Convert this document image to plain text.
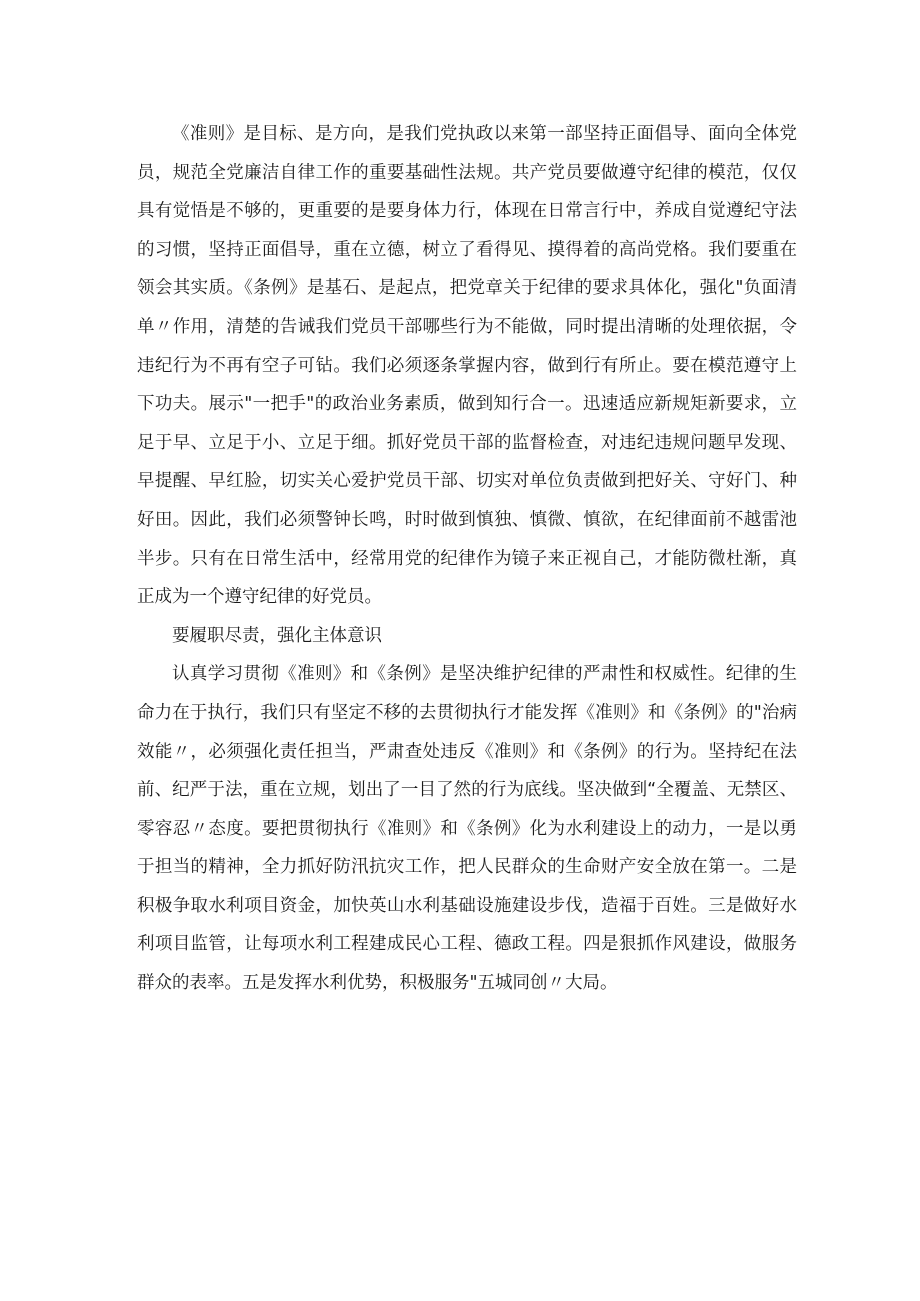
《准则》是目标、是方向，是我们党执政以来第一部坚持正面倡导、面向全体党员，规范全党廉洁自律工作的重要基础性法规。共产党员要做遵守纪律的模范，仅仅具有觉悟是不够的，更重要的是要身体力行，体现在日常言行中，养成自觉遵纪守法的习惯，坚持正面倡导，重在立德，树立了看得见、摸得着的高尚党格。我们要重在领会其实质。《条例》是基石、是起点，把党章关于纪律的要求具体化，强化"负面清单〃作用，清楚的告诫我们党员干部哪些行为不能做，同时提出清晰的处理依据，令违纪行为不再有空子可钻。我们必须逐条掌握内容，做到行有所止。要在模范遵守上下功夫。展示"一把手"的政治业务素质，做到知行合一。迅速适应新规矩新要求，立足于早、立足于小、立足于细。抓好党员干部的监督检查，对违纪违规问题早发现、早提醒、早红脸，切实关心爱护党员干部、切实对单位负责做到把好关、守好门、种好田。因此，我们必须警钟长鸣，时时做到慎独、慎微、慎欲，在纪律面前不越雷池半步。只有在日常生活中，经常用党的纪律作为镜子来正视自己，才能防微杜渐，真正成为一个遵守纪律的好党员。

要履职尽责，强化主体意识

认真学习贯彻《准则》和《条例》是坚决维护纪律的严肃性和权威性。纪律的生命力在于执行，我们只有坚定不移的去贯彻执行才能发挥《准则》和《条例》的"治病效能〃，必须强化责任担当，严肃查处违反《准则》和《条例》的行为。坚持纪在法前、纪严于法，重在立规，划出了一目了然的行为底线。坚决做到“全覆盖、无禁区、零容忍〃态度。要把贯彻执行《准则》和《条例》化为水利建设上的动力，一是以勇于担当的精神，全力抓好防汛抗灾工作，把人民群众的生命财产安全放在第一。二是积极争取水利项目资金，加快英山水利基础设施建设步伐，造福于百姓。三是做好水利项目监管，让每项水利工程建成民心工程、德政工程。四是狠抓作风建设，做服务群众的表率。五是发挥水利优势，积极服务"五城同创〃大局。
